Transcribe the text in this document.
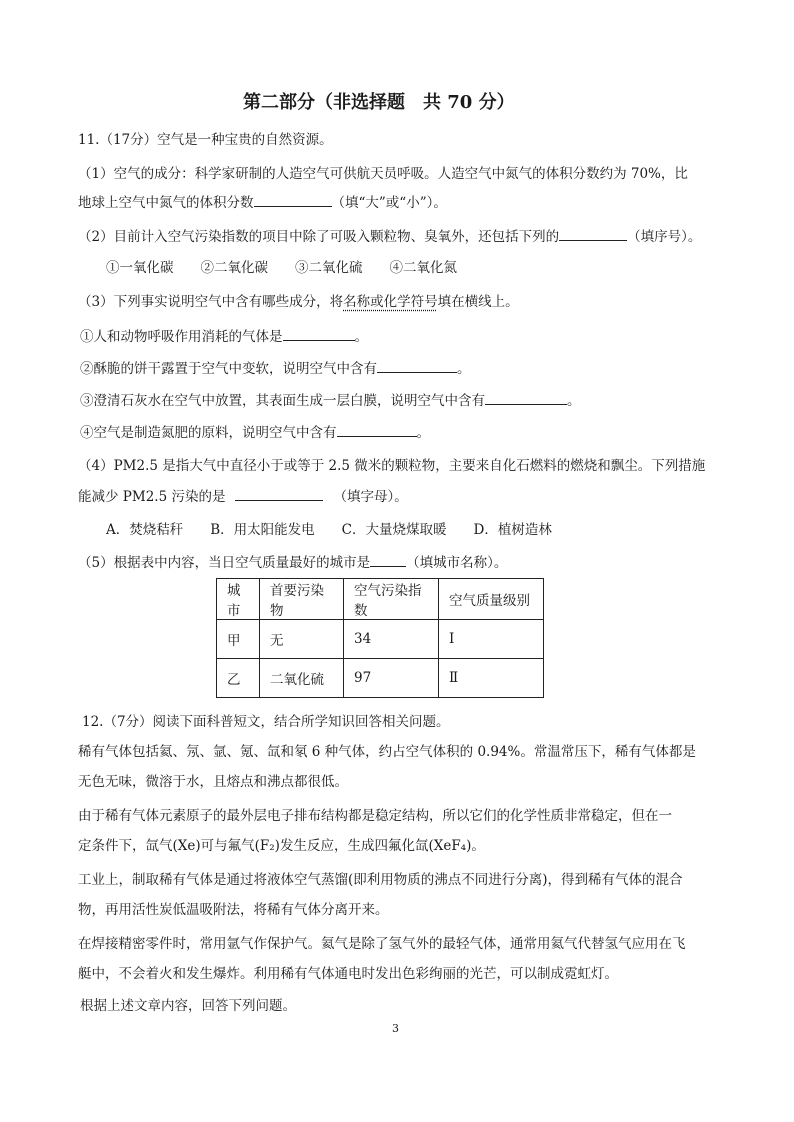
第二部分（非选择题　共 70 分）
11.（17分）空气是一种宝贵的自然资源。
（1）空气的成分：科学家研制的人造空气可供航天员呼吸。人造空气中氮气的体积分数约为 70%，比
地球上空气中氮气的体积分数	（填“大”或“小”）。
（2）目前计入空气污染指数的项目中除了可吸入颗粒物、臭氧外，还包括下列的	（填序号）。
①一氧化碳　　②二氧化碳　　③二氧化硫　　④二氧化氮
（3）下列事实说明空气中含有哪些成分，将名称或化学符号填在横线上。
①人和动物呼吸作用消耗的气体是	。
②酥脆的饼干露置于空气中变软，说明空气中含有	。
③澄清石灰水在空气中放置，其表面生成一层白膜，说明空气中含有	。
④空气是制造氮肥的原料，说明空气中含有	。
（4）PM2.5 是指大气中直径小于或等于 2.5 微米的颗粒物，主要来自化石燃料的燃烧和飘尘。下列措施
能减少 PM2.5 污染的是	（填字母）。
A．焚烧秸秆　　B．用太阳能发电　　C．大量烧煤取暖　　D．植树造林
（5）根据表中内容，当日空气质量最好的城市是	（填城市名称）。
城市	首要污染物	空气污染指数	空气质量级别
甲	无	34	Ⅰ
乙	二氧化硫	97	Ⅱ
12.（7分）阅读下面科普短文，结合所学知识回答相关问题。
稀有气体包括氦、氖、氩、氪、氙和氡 6 种气体，约占空气体积的 0.94%。常温常压下，稀有气体都是
无色无味，微溶于水，且熔点和沸点都很低。
由于稀有气体元素原子的最外层电子排布结构都是稳定结构，所以它们的化学性质非常稳定，但在一
定条件下，氙气(Xe)可与氟气(F₂)发生反应，生成四氟化氙(XeF₄)。
工业上，制取稀有气体是通过将液体空气蒸馏(即利用物质的沸点不同进行分离)，得到稀有气体的混合
物，再用活性炭低温吸附法，将稀有气体分离开来。
在焊接精密零件时，常用氩气作保护气。氦气是除了氢气外的最轻气体，通常用氦气代替氢气应用在飞
艇中，不会着火和发生爆炸。利用稀有气体通电时发出色彩绚丽的光芒，可以制成霓虹灯。
根据上述文章内容，回答下列问题。
3
